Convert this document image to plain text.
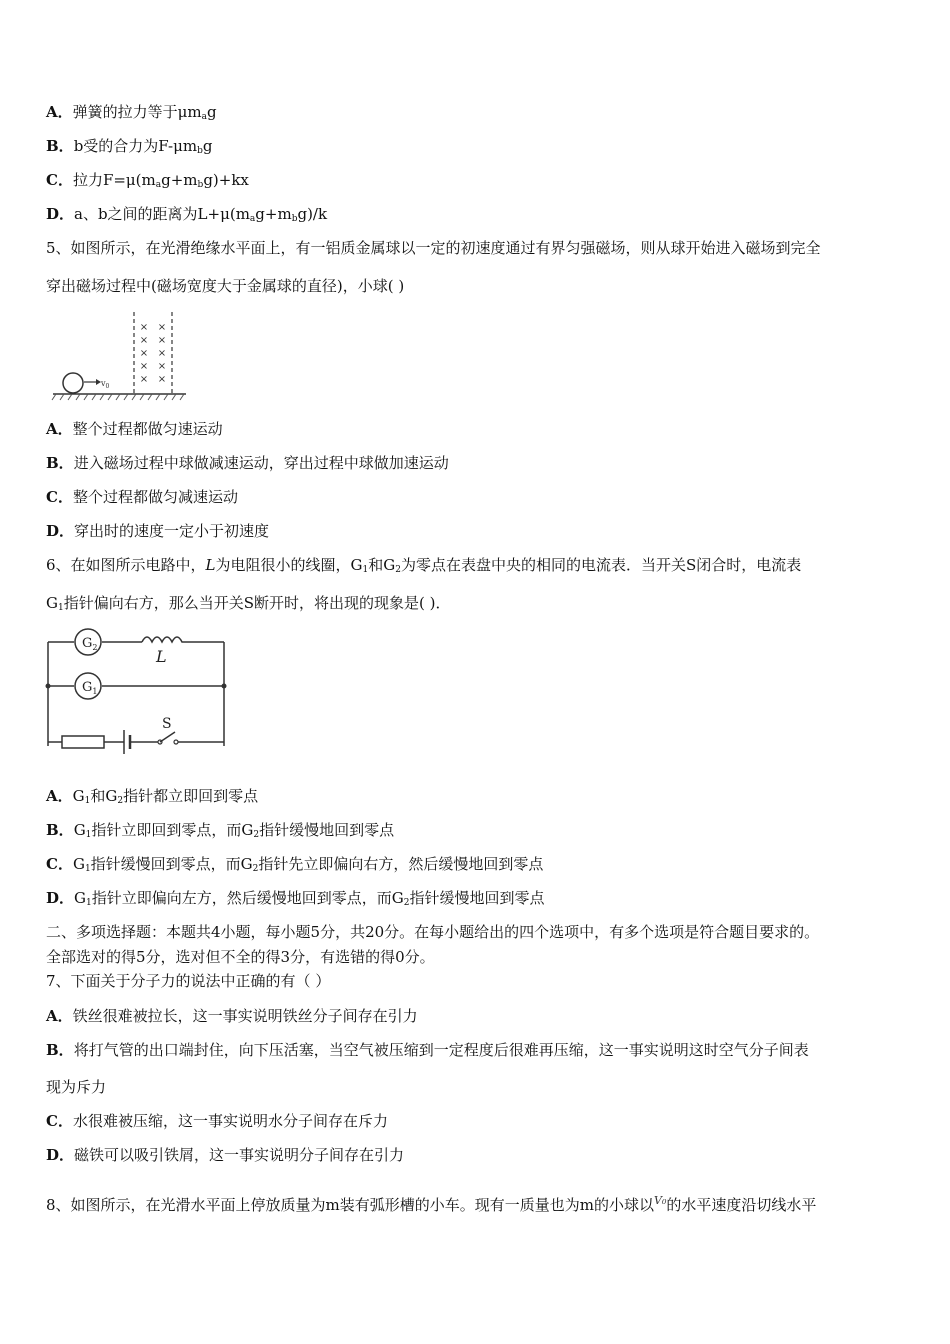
A．弹簧的拉力等于$\mu m_ag$
B．b受的合力为$F-\mu m_bg$
C．拉力$F=\mu(m_ag+m_bg)+kx$
D．a、b之间的距离为$L+\mu(m_ag+m_bg)/k$
5、如图所示，在光滑绝缘水平面上，有一铝质金属球以一定的初速度通过有界匀强磁场，则从球开始进入磁场到完全
穿出磁场过程中(磁场宽度大于金属球的直径)，小球( )
$v_0$
× ×
× ×
× ×
× ×
× ×
A．整个过程都做匀速运动
B．进入磁场过程中球做减速运动，穿出过程中球做加速运动
C．整个过程都做匀减速运动
D．穿出时的速度一定小于初速度
6、在如图所示电路中，L为电阻很小的线圈，$G_1$和$G_2$为零点在表盘中央的相同的电流表．当开关S闭合时，电流表
$G_1$指针偏向右方，那么当开关S断开时，将出现的现象是( )．
$G_2$
$G_1$
L
S
A．$G_1$和$G_2$指针都立即回到零点
B．$G_1$指针立即回到零点，而$G_2$指针缓慢地回到零点
C．$G_1$指针缓慢回到零点，而$G_2$指针先立即偏向右方，然后缓慢地回到零点
D．$G_1$指针立即偏向左方，然后缓慢地回到零点，而$G_2$指针缓慢地回到零点
二、多项选择题：本题共4小题，每小题5分，共20分。在每小题给出的四个选项中，有多个选项是符合题目要求的。
全部选对的得5分，选对但不全的得3分，有选错的得0分。
7、下面关于分子力的说法中正确的有（ ）
A．铁丝很难被拉长，这一事实说明铁丝分子间存在引力
B．将打气管的出口端封住，向下压活塞，当空气被压缩到一定程度后很难再压缩，这一事实说明这时空气分子间表
现为斥力
C．水很难被压缩，这一事实说明水分子间存在斥力
D．磁铁可以吸引铁屑，这一事实说明分子间存在引力
8、如图所示，在光滑水平面上停放质量为m装有弧形槽的小车。现有一质量也为m的小球以$^{V_0}$的水平速度沿切线水平
